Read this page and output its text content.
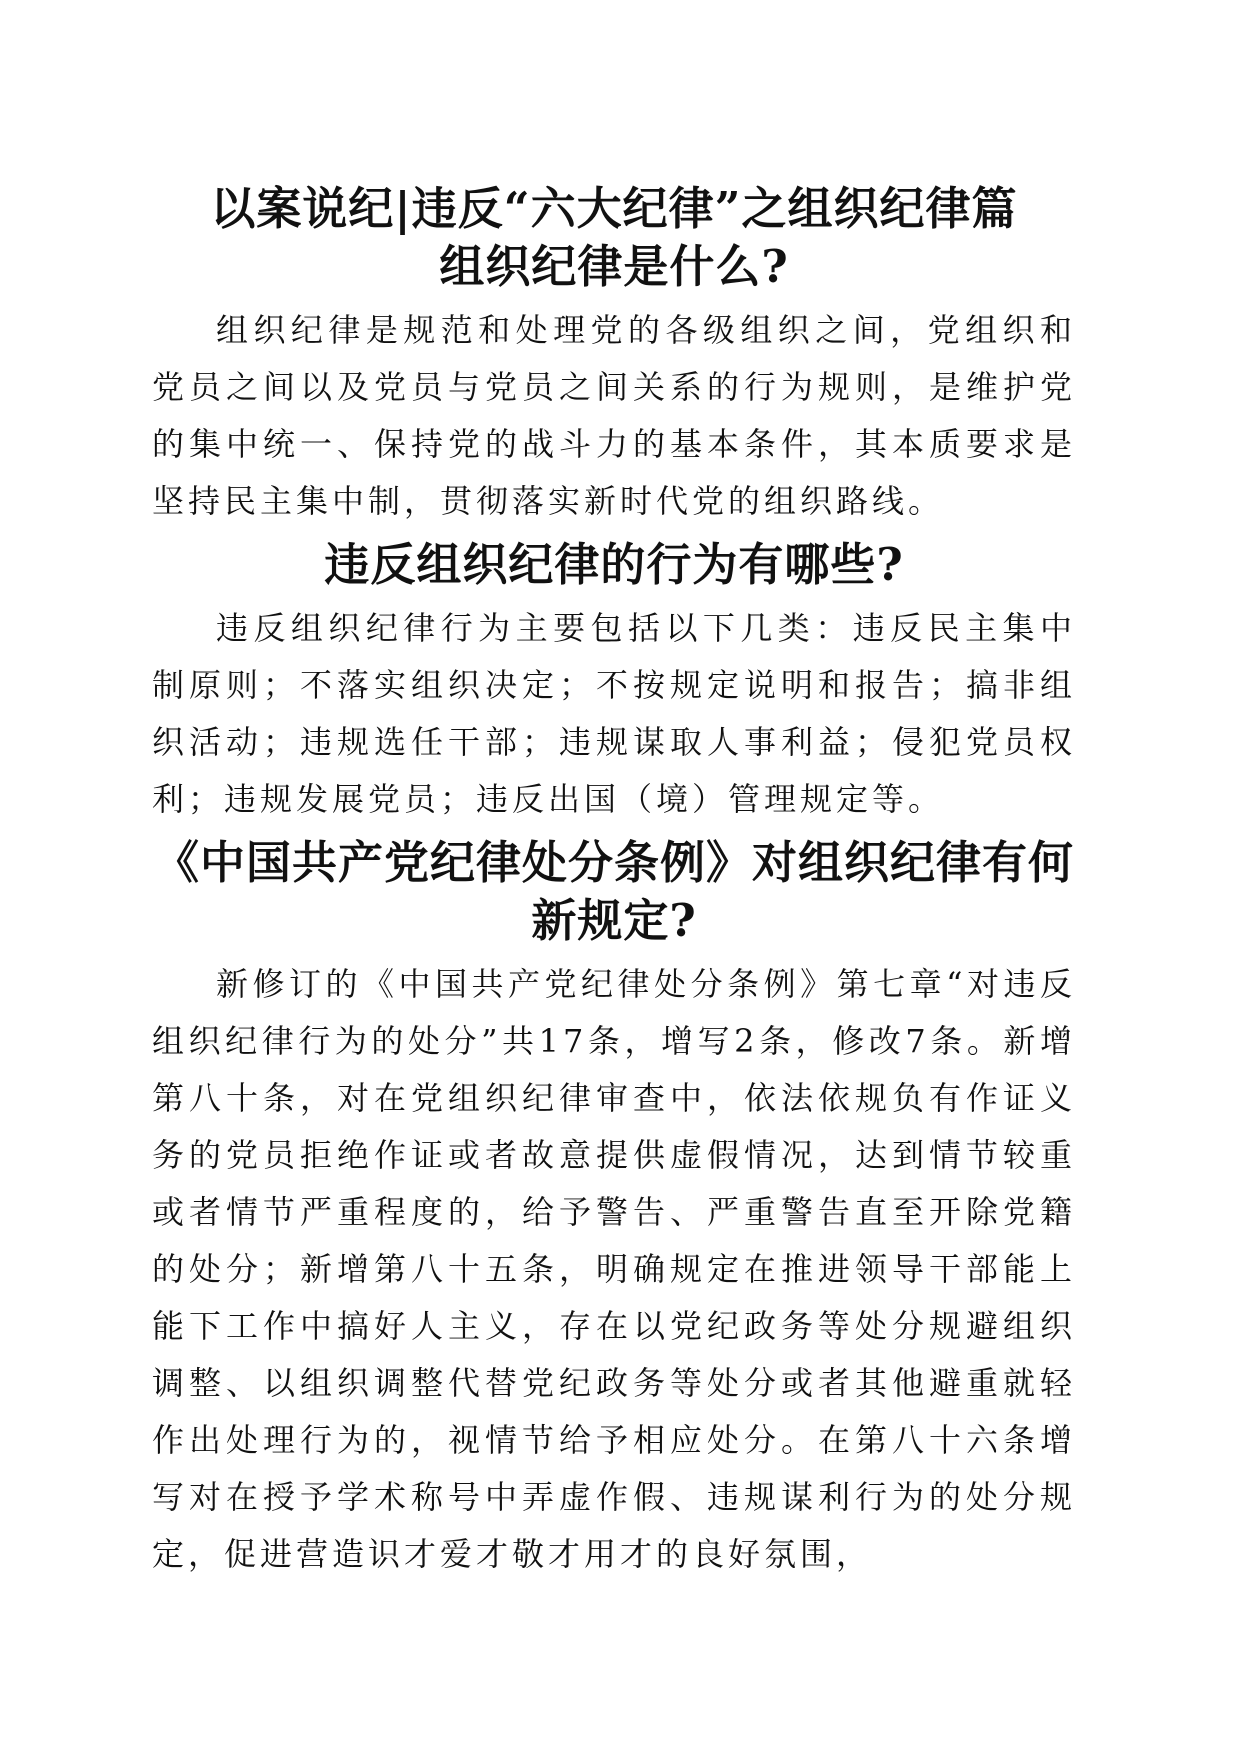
以案说纪|违反“六大纪律”之组织纪律篇
组织纪律是什么?

组织纪律是规范和处理党的各级组织之间，党组织和党员之间以及党员与党员之间关系的行为规则，是维护党的集中统一、保持党的战斗力的基本条件，其本质要求是坚持民主集中制，贯彻落实新时代党的组织路线。

违反组织纪律的行为有哪些?

违反组织纪律行为主要包括以下几类：违反民主集中制原则；不落实组织决定；不按规定说明和报告；搞非组织活动；违规选任干部；违规谋取人事利益；侵犯党员权利；违规发展党员；违反出国（境）管理规定等。

《中国共产党纪律处分条例》对组织纪律有何新规定?

新修订的《中国共产党纪律处分条例》第七章“对违反组织纪律行为的处分”共17条，增写2条，修改7条。新增第八十条，对在党组织纪律审查中，依法依规负有作证义务的党员拒绝作证或者故意提供虚假情况，达到情节较重或者情节严重程度的，给予警告、严重警告直至开除党籍的处分；新增第八十五条，明确规定在推进领导干部能上能下工作中搞好人主义，存在以党纪政务等处分规避组织调整、以组织调整代替党纪政务等处分或者其他避重就轻作出处理行为的，视情节给予相应处分。在第八十六条增写对在授予学术称号中弄虚作假、违规谋利行为的处分规定，促进营造识才爱才敬才用才的良好氛围，
